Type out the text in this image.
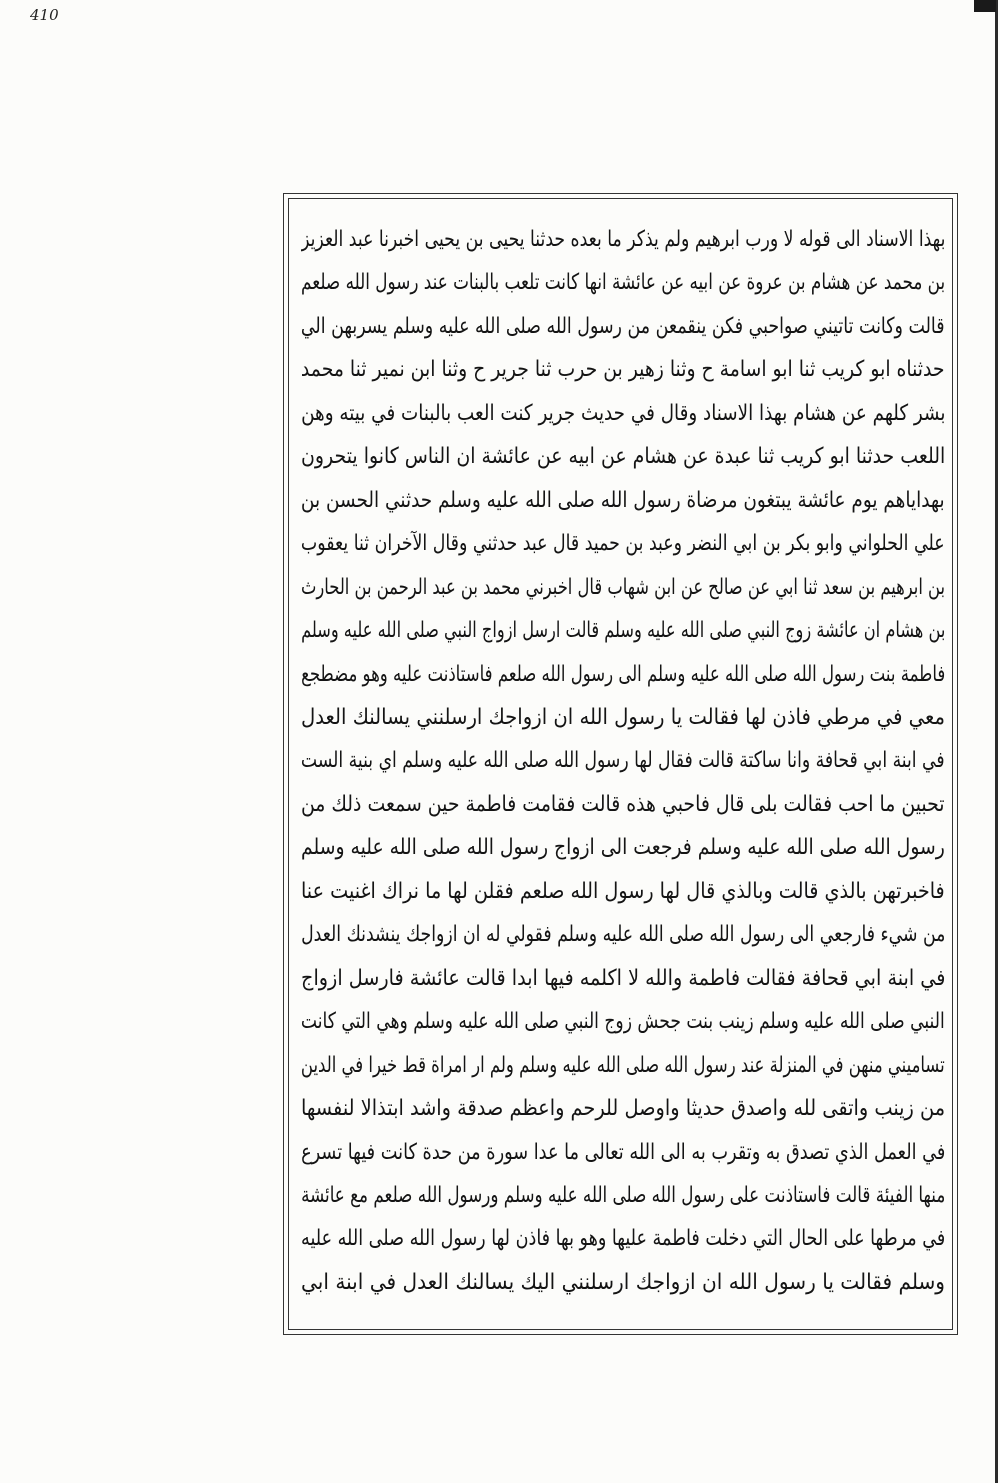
410
بهذا الاسناد الى قوله لا ورب ابرهيم ولم يذكر ما بعده حدثنا يحيى بن يحيى اخبرنا عبد العزيز
بن محمد عن هشام بن عروة عن ابيه عن عائشة انها كانت تلعب بالبنات عند رسول الله صلعم
قالت وكانت تاتيني صواحبي فكن ينقمعن من رسول الله صلى الله عليه وسلم يسربهن الي
حدثناه ابو كريب ثنا ابو اسامة ح وثنا زهير بن حرب ثنا جرير ح وثنا ابن نمير ثنا محمد
بشر كلهم عن هشام بهذا الاسناد وقال في حديث جرير كنت العب بالبنات في بيته وهن
اللعب حدثنا ابو كريب ثنا عبدة عن هشام عن ابيه عن عائشة ان الناس كانوا يتحرون
بهداياهم يوم عائشة يبتغون مرضاة رسول الله صلى الله عليه وسلم حدثني الحسن بن
علي الحلواني وابو بكر بن ابي النضر وعبد بن حميد قال عبد حدثني وقال الآخران ثنا يعقوب
بن ابرهيم بن سعد ثنا ابي عن صالح عن ابن شهاب قال اخبرني محمد بن عبد الرحمن بن الحارث
بن هشام ان عائشة زوج النبي صلى الله عليه وسلم قالت ارسل ازواج النبي صلى الله عليه وسلم
فاطمة بنت رسول الله صلى الله عليه وسلم الى رسول الله صلعم فاستاذنت عليه وهو مضطجع
معي في مرطي فاذن لها فقالت يا رسول الله ان ازواجك ارسلنني يسالنك العدل
في ابنة ابي قحافة وانا ساكتة قالت فقال لها رسول الله صلى الله عليه وسلم اي بنية الست
تحبين ما احب فقالت بلى قال فاحبي هذه قالت فقامت فاطمة حين سمعت ذلك من
رسول الله صلى الله عليه وسلم فرجعت الى ازواج رسول الله صلى الله عليه وسلم
فاخبرتهن بالذي قالت وبالذي قال لها رسول الله صلعم فقلن لها ما نراك اغنيت عنا
من شيء فارجعي الى رسول الله صلى الله عليه وسلم فقولي له ان ازواجك ينشدنك العدل
في ابنة ابي قحافة فقالت فاطمة والله لا اكلمه فيها ابدا قالت عائشة فارسل ازواج
النبي صلى الله عليه وسلم زينب بنت جحش زوج النبي صلى الله عليه وسلم وهي التي كانت
تساميني منهن في المنزلة عند رسول الله صلى الله عليه وسلم ولم ار امراة قط خيرا في الدين
من زينب واتقى لله واصدق حديثا واوصل للرحم واعظم صدقة واشد ابتذالا لنفسها
في العمل الذي تصدق به وتقرب به الى الله تعالى ما عدا سورة من حدة كانت فيها تسرع
منها الفيئة قالت فاستاذنت على رسول الله صلى الله عليه وسلم ورسول الله صلعم مع عائشة
في مرطها على الحال التي دخلت فاطمة عليها وهو بها فاذن لها رسول الله صلى الله عليه
وسلم فقالت يا رسول الله ان ازواجك ارسلنني اليك يسالنك العدل في ابنة ابي
